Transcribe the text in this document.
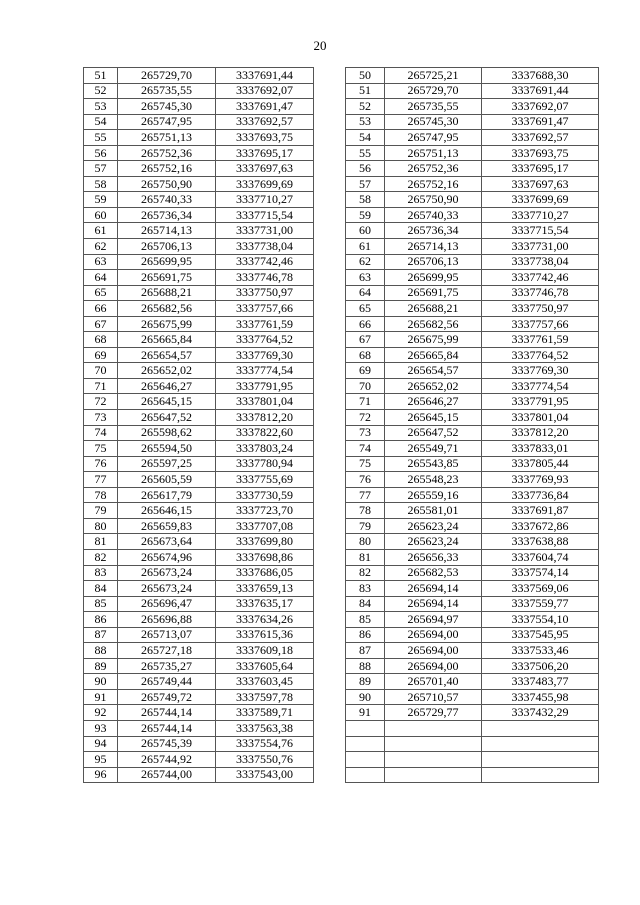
20
51	265729,70	3337691,44
52	265735,55	3337692,07
53	265745,30	3337691,47
54	265747,95	3337692,57
55	265751,13	3337693,75
56	265752,36	3337695,17
57	265752,16	3337697,63
58	265750,90	3337699,69
59	265740,33	3337710,27
60	265736,34	3337715,54
61	265714,13	3337731,00
62	265706,13	3337738,04
63	265699,95	3337742,46
64	265691,75	3337746,78
65	265688,21	3337750,97
66	265682,56	3337757,66
67	265675,99	3337761,59
68	265665,84	3337764,52
69	265654,57	3337769,30
70	265652,02	3337774,54
71	265646,27	3337791,95
72	265645,15	3337801,04
73	265647,52	3337812,20
74	265598,62	3337822,60
75	265594,50	3337803,24
76	265597,25	3337780,94
77	265605,59	3337755,69
78	265617,79	3337730,59
79	265646,15	3337723,70
80	265659,83	3337707,08
81	265673,64	3337699,80
82	265674,96	3337698,86
83	265673,24	3337686,05
84	265673,24	3337659,13
85	265696,47	3337635,17
86	265696,88	3337634,26
87	265713,07	3337615,36
88	265727,18	3337609,18
89	265735,27	3337605,64
90	265749,44	3337603,45
91	265749,72	3337597,78
92	265744,14	3337589,71
93	265744,14	3337563,38
94	265745,39	3337554,76
95	265744,92	3337550,76
96	265744,00	3337543,00
50	265725,21	3337688,30
51	265729,70	3337691,44
52	265735,55	3337692,07
53	265745,30	3337691,47
54	265747,95	3337692,57
55	265751,13	3337693,75
56	265752,36	3337695,17
57	265752,16	3337697,63
58	265750,90	3337699,69
59	265740,33	3337710,27
60	265736,34	3337715,54
61	265714,13	3337731,00
62	265706,13	3337738,04
63	265699,95	3337742,46
64	265691,75	3337746,78
65	265688,21	3337750,97
66	265682,56	3337757,66
67	265675,99	3337761,59
68	265665,84	3337764,52
69	265654,57	3337769,30
70	265652,02	3337774,54
71	265646,27	3337791,95
72	265645,15	3337801,04
73	265647,52	3337812,20
74	265549,71	3337833,01
75	265543,85	3337805,44
76	265548,23	3337769,93
77	265559,16	3337736,84
78	265581,01	3337691,87
79	265623,24	3337672,86
80	265623,24	3337638,88
81	265656,33	3337604,74
82	265682,53	3337574,14
83	265694,14	3337569,06
84	265694,14	3337559,77
85	265694,97	3337554,10
86	265694,00	3337545,95
87	265694,00	3337533,46
88	265694,00	3337506,20
89	265701,40	3337483,77
90	265710,57	3337455,98
91	265729,77	3337432,29
